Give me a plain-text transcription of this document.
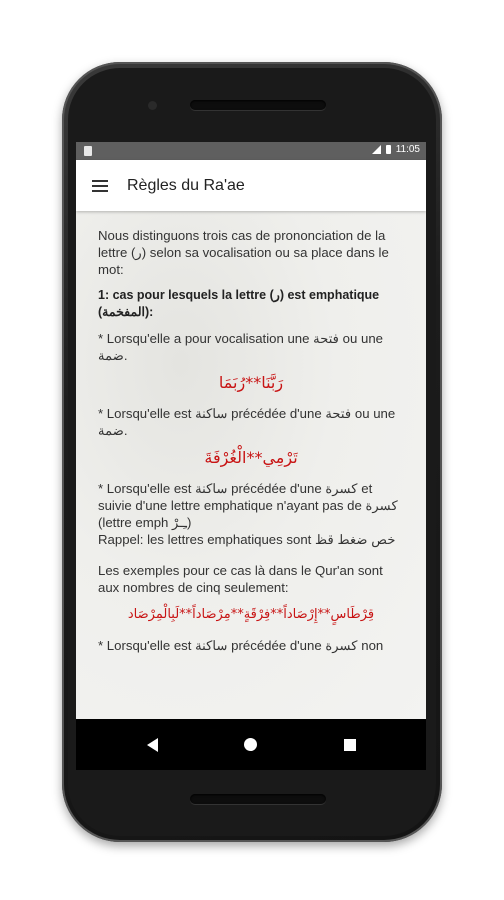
11:05
Règles du Ra'ae

Nous distinguons trois cas de prononciation de la lettre (ﺭ) selon sa vocalisation ou sa place dans le mot:

1: cas pour lesquels la lettre (ﺭ) est emphatique (المفخمة):

* Lorsqu'elle a pour vocalisation une فتحة ou une ضمة.

رَبَّنَا**رُبَمَا

* Lorsqu'elle est ساكنة précédée d'une فتحة ou une ضمة.

تَرْمِي**الْغُرْفَةَ

* Lorsqu'elle est ساكنة précédée d'une كسرة et suivie d'une lettre emphatique n'ayant pas de كسرة (lettre emph ـِـرْ)

Rappel: les lettres emphatiques sont خص ضغط قظ

Les exemples pour ce cas là dans le Qur'an sont aux nombres de cinq seulement:

قِرْطَاسٍ**إِرْصَاداً**فِرْقَةٍ**مِرْصَاداً**لَبِالْمِرْصَاد

* Lorsqu'elle est ساكنة précédée d'une كسرة non
